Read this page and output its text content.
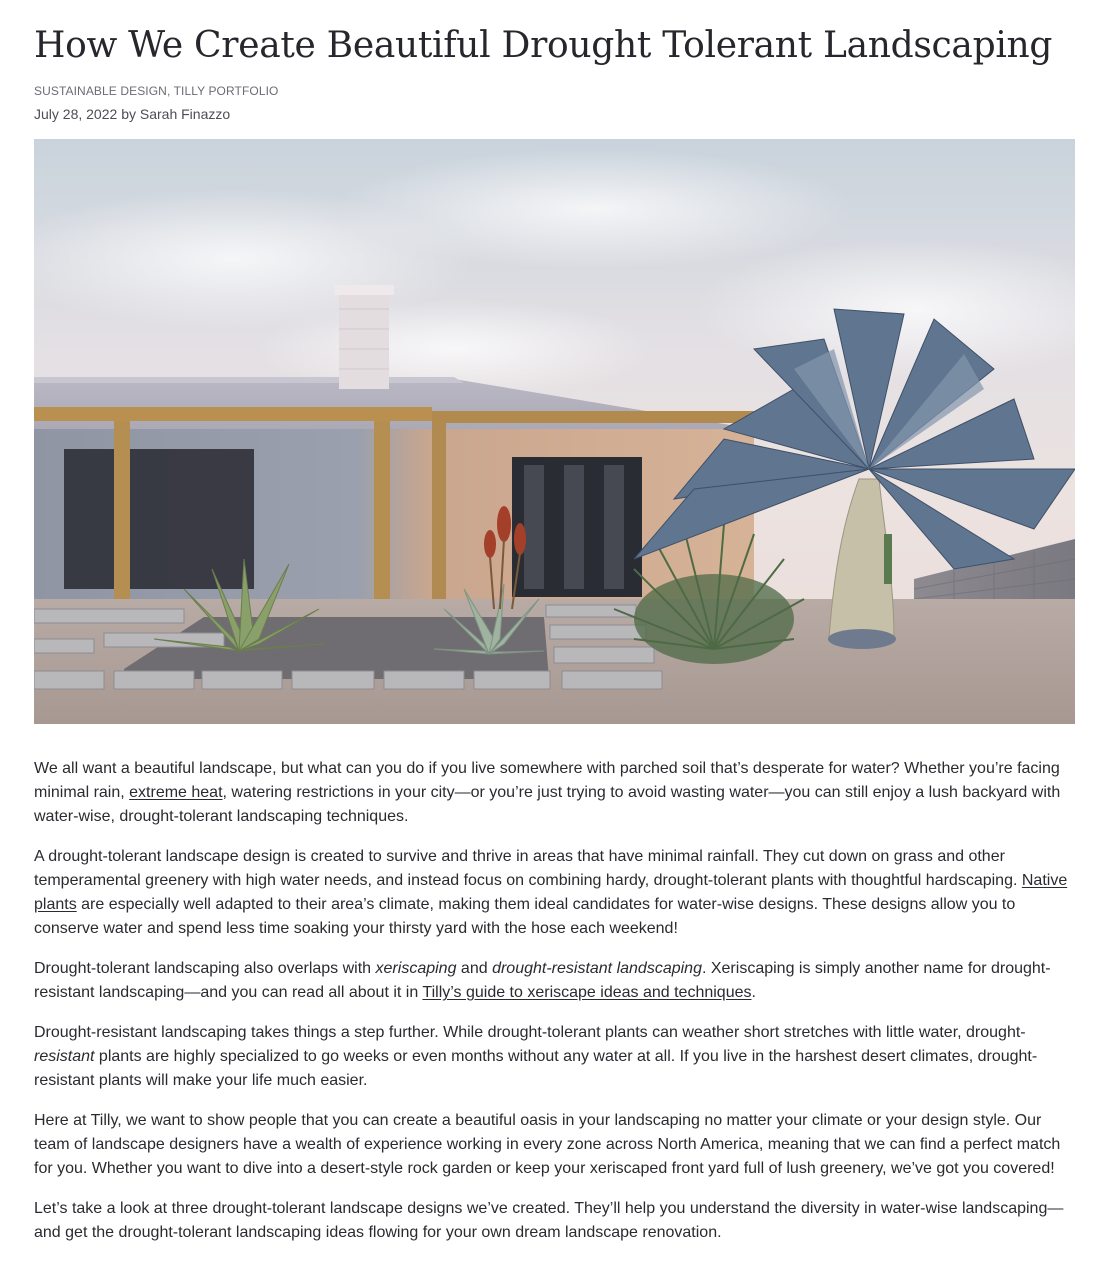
How We Create Beautiful Drought Tolerant Landscaping
SUSTAINABLE DESIGN, TILLY PORTFOLIO
July 28, 2022 by Sarah Finazzo

We all want a beautiful landscape, but what can you do if you live somewhere with parched soil that’s desperate for water? Whether you’re facing minimal rain, extreme heat, watering restrictions in your city—or you’re just trying to avoid wasting water—you can still enjoy a lush backyard with water-wise, drought-tolerant landscaping techniques.

A drought-tolerant landscape design is created to survive and thrive in areas that have minimal rainfall. They cut down on grass and other temperamental greenery with high water needs, and instead focus on combining hardy, drought-tolerant plants with thoughtful hardscaping. Native plants are especially well adapted to their area’s climate, making them ideal candidates for water-wise designs. These designs allow you to conserve water and spend less time soaking your thirsty yard with the hose each weekend!

Drought-tolerant landscaping also overlaps with xeriscaping and drought-resistant landscaping. Xeriscaping is simply another name for drought-resistant landscaping—and you can read all about it in Tilly’s guide to xeriscape ideas and techniques.

Drought-resistant landscaping takes things a step further. While drought-tolerant plants can weather short stretches with little water, drought-resistant plants are highly specialized to go weeks or even months without any water at all. If you live in the harshest desert climates, drought-resistant plants will make your life much easier.

Here at Tilly, we want to show people that you can create a beautiful oasis in your landscaping no matter your climate or your design style. Our team of landscape designers have a wealth of experience working in every zone across North America, meaning that we can find a perfect match for you. Whether you want to dive into a desert-style rock garden or keep your xeriscaped front yard full of lush greenery, we’ve got you covered!

Let’s take a look at three drought-tolerant landscape designs we’ve created. They’ll help you understand the diversity in water-wise landscaping—and get the drought-tolerant landscaping ideas flowing for your own dream landscape renovation.
